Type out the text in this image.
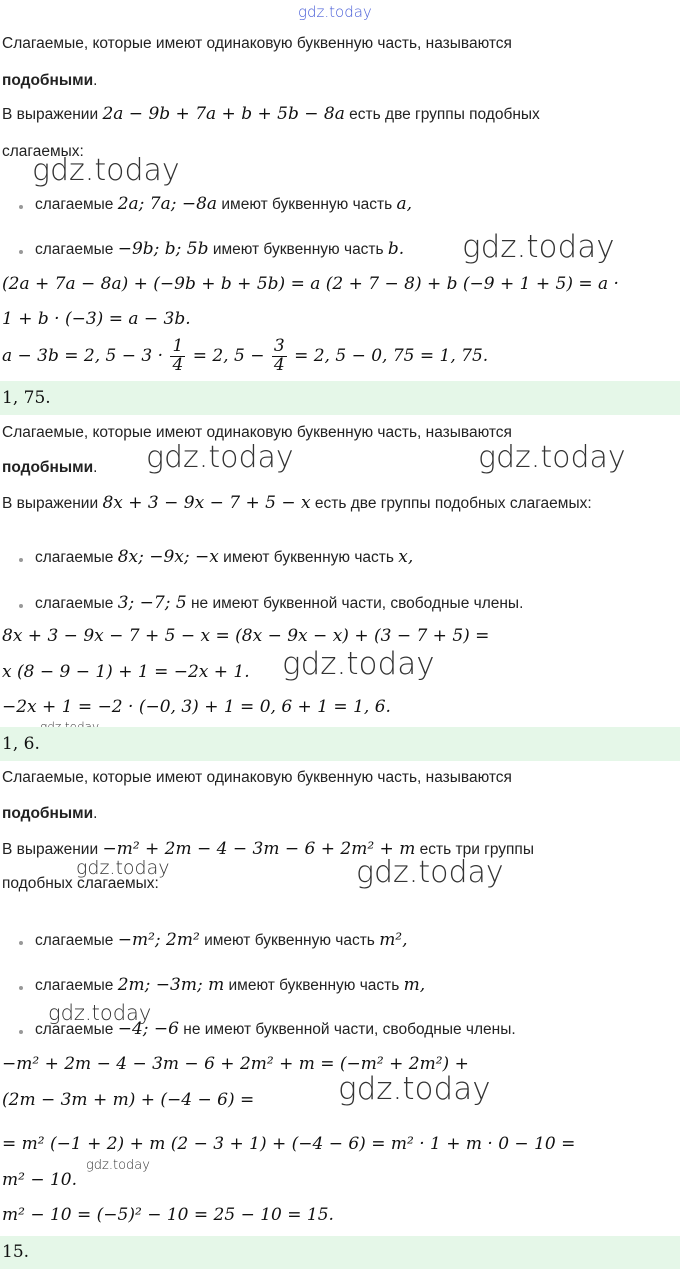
gdz.today
Слагаемые, которые имеют одинаковую буквенную часть, называются
подобными.
В выражении 2a − 9b + 7a + b + 5b − 8a есть две группы подобных
слагаемых:
gdz.today
слагаемые 2a; 7a; −8a имеют буквенную часть a,
слагаемые −9b; b; 5b имеют буквенную часть b. gdz.today
(2a + 7a − 8a) + (−9b + b + 5b) = a (2 + 7 − 8) + b (−9 + 1 + 5) = a ·
1 + b · (−3) = a − 3b.
a − 3b = 2, $5 - 3 \cdot \frac{1}{4} = 2$, $5 - \frac{3}{4} = 2$, 5 − 0, 75 = 1, 75.
1, 75.
Слагаемые, которые имеют одинаковую буквенную часть, называются
подобными. gdz.today	gdz.today
В выражении 8x + 3 − 9x − 7 + 5 − x есть две группы подобных слагаемых:
слагаемые 8x; −9x; −x имеют буквенную часть x,
слагаемые 3; −7; 5 не имеют буквенной части, свободные члены.
8x + 3 − 9x − 7 + 5 − x = (8x − 9x − x) + (3 − 7 + 5) =
x (8 − 9 − 1) + 1 = −2x + 1. gdz.today
−2x + 1 = −2 · (−0, 3) + 1 = 0, 6 + 1 = 1, 6.
1, 6.
Слагаемые, которые имеют одинаковую буквенную часть, называются
подобными.
В выражении −m² + 2m − 4 − 3m − 6 + 2m² + m есть три группы
подобных слагаемых:
gdz.today	gdz.today
слагаемые −m²; 2m² имеют буквенную часть m²,
слагаемые 2m; −3m; m имеют буквенную часть m,
gdz.today
слагаемые −4; −6 не имеют буквенной части, свободные члены.
−m² + 2m − 4 − 3m − 6 + 2m² + m = (−m² + 2m²) +
(2m − 3m + m) + (−4 − 6) =	gdz.today
= m² (−1 + 2) + m (2 − 3 + 1) + (−4 − 6) = m² · 1 + m · 0 − 10 =
m² − 10.
gdz.today
m² − 10 = (−5)² − 10 = 25 − 10 = 15.
15.
